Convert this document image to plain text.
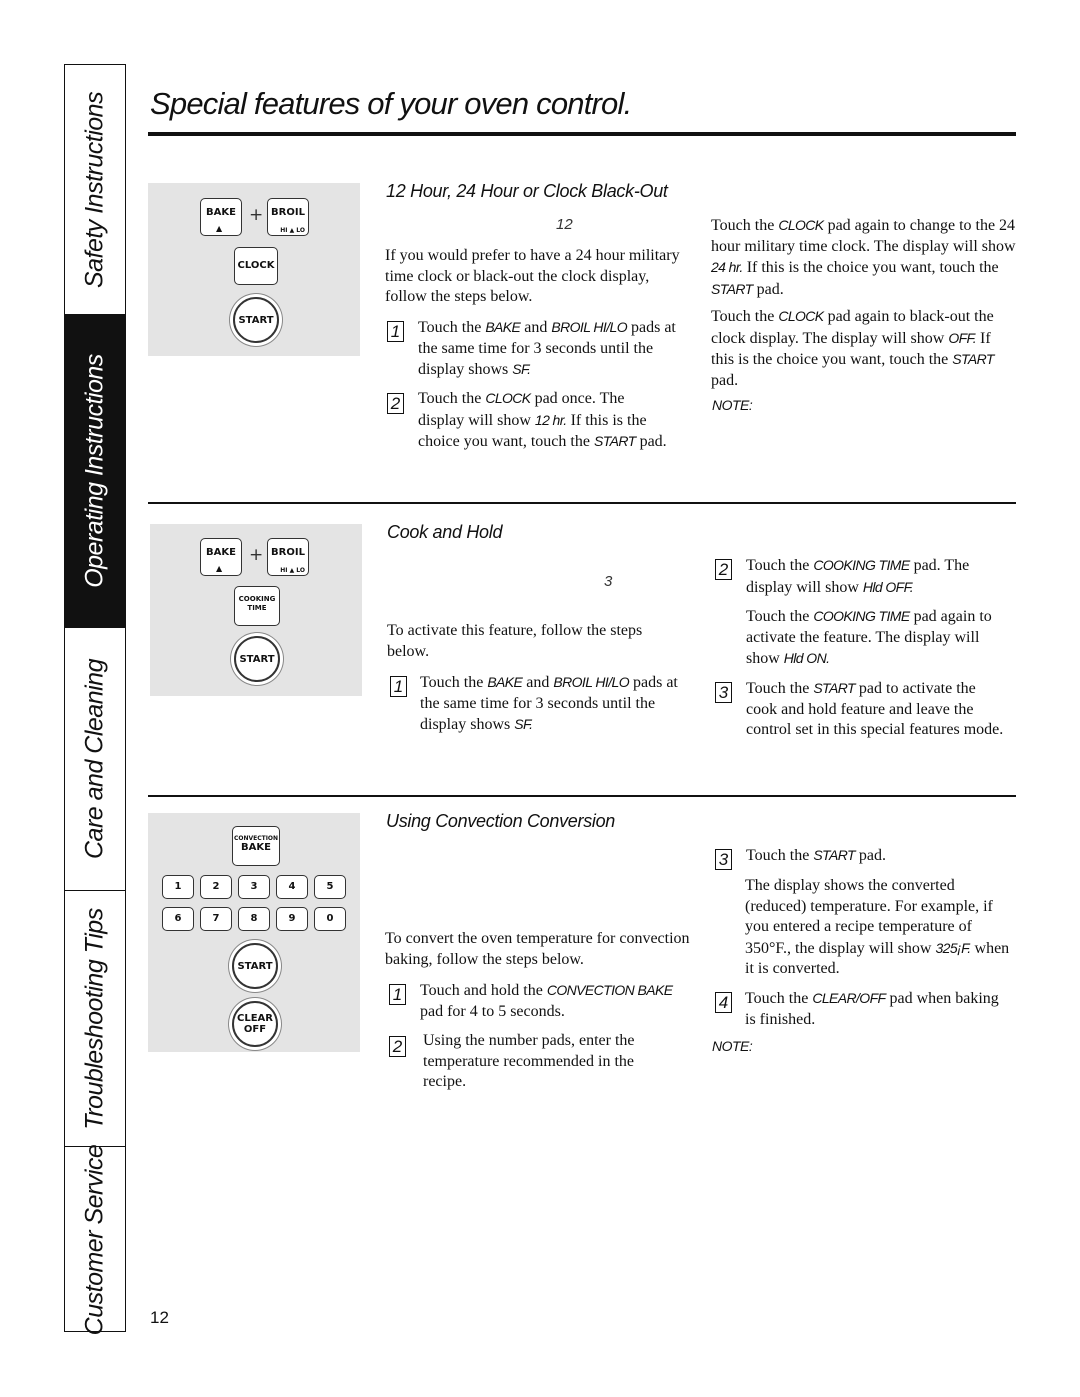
Safety Instructions
Operating Instructions
Care and Cleaning
Troubleshooting Tips
Customer Service
Special features of your oven control.
BAKE
▲
+ BROIL
HI ▲ LO
CLOCK
START
12 Hour, 24 Hour or Clock Black-Out
12

If you would prefer to have a 24 hour military time clock or black-out the clock display, follow the steps below.

1 Touch the BAKE and BROIL HI/LO pads at the same time for 3 seconds until the display shows SF.

2 Touch the CLOCK pad once. The display will show 12 hr. If this is the choice you want, touch the START pad.

Touch the CLOCK pad again to change to the 24 hour military time clock. The display will show 24 hr. If this is the choice you want, touch the START pad.

Touch the CLOCK pad again to black-out the clock display. The display will show OFF. If this is the choice you want, touch the START pad.

NOTE:
BAKE
▲
+ BROIL
HI ▲ LO
COOKING
TIME
START
Cook and Hold
3

To activate this feature, follow the steps below.

1 Touch the BAKE and BROIL HI/LO pads at the same time for 3 seconds until the display shows SF.

2 Touch the COOKING TIME pad. The display will show Hld OFF.

Touch the COOKING TIME pad again to activate the feature. The display will show Hld ON.

3 Touch the START pad to activate the cook and hold feature and leave the control set in this special features mode.

CONVECTION
BAKE
1	2	3	4	5
6	7	8	9	0
START
CLEAR
OFF
Using Convection Conversion

To convert the oven temperature for convection baking, follow the steps below.

1 Touch and hold the CONVECTION BAKE pad for 4 to 5 seconds.

2 Using the number pads, enter the temperature recommended in the recipe.

3 Touch the START pad.

The display shows the converted (reduced) temperature. For example, if you entered a recipe temperature of 350°F., the display will show 325¡F. when it is converted.

4 Touch the CLEAR/OFF pad when baking is finished.

NOTE:
12
